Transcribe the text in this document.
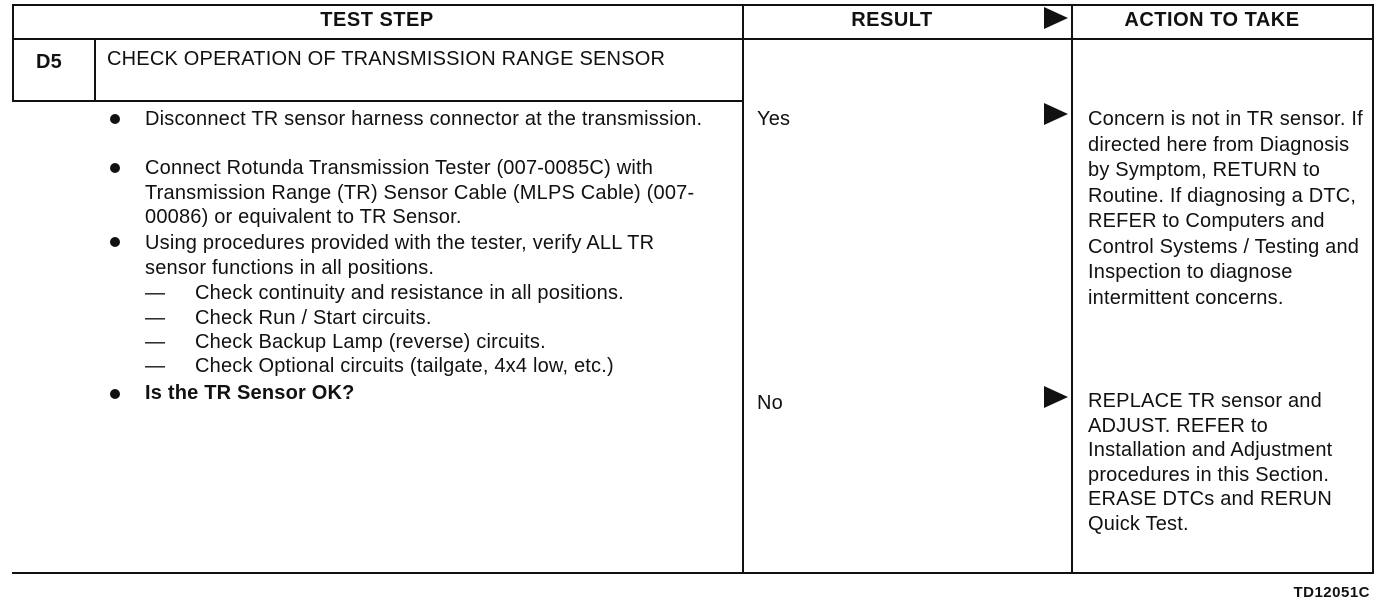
TEST STEP	RESULT	ACTION TO TAKE
D5 CHECK OPERATION OF TRANSMISSION RANGE SENSOR
Disconnect TR sensor harness connector at the transmission.
Connect Rotunda Transmission Tester (007-0085C) with Transmission Range (TR) Sensor Cable (MLPS Cable) (007-00086) or equivalent to TR Sensor.
Using procedures provided with the tester, verify ALL TR sensor functions in all positions.
— Check continuity and resistance in all positions.
— Check Run / Start circuits.
— Check Backup Lamp (reverse) circuits.
— Check Optional circuits (tailgate, 4x4 low, etc.)
Is the TR Sensor OK?
Yes	Concern is not in TR sensor. If directed here from Diagnosis by Symptom, RETURN to Routine. If diagnosing a DTC, REFER to Computers and Control Systems / Testing and Inspection to diagnose intermittent concerns.
No	REPLACE TR sensor and ADJUST. REFER to Installation and Adjustment procedures in this Section. ERASE DTCs and RERUN Quick Test.
TD12051C
